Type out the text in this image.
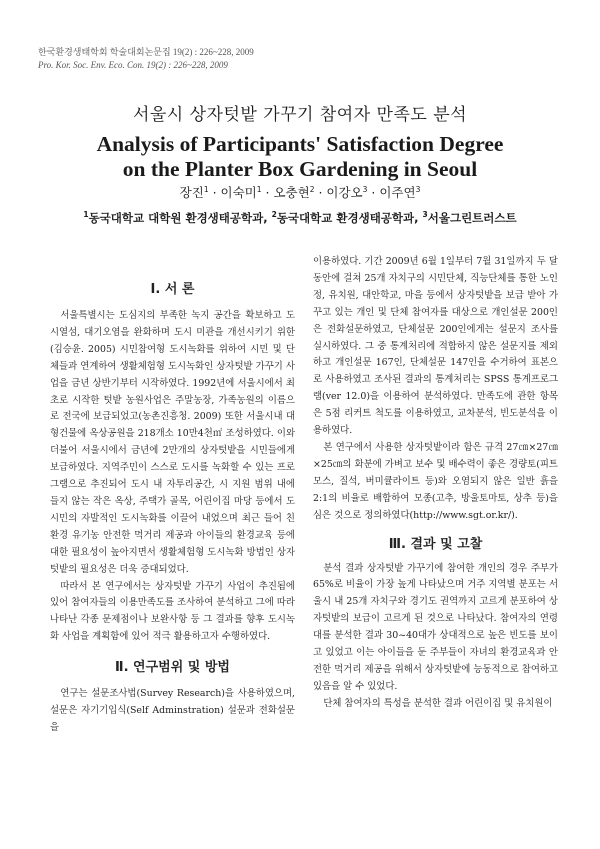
한국환경생태학회 학술대회논문집 19(2) : 226~228, 2009
Pro. Kor. Soc. Env. Eco. Con. 19(2) : 226~228, 2009
서울시 상자텃밭 가꾸기 참여자 만족도 분석
Analysis of Participants' Satisfaction Degree
on the Planter Box Gardening in Seoul
장진$^1$ · 이숙미$^1$ · 오충현$^2$ · 이강오$^3$ · 이주연$^3$
$^1$동국대학교 대학원 환경생태공학과, $^2$동국대학교 환경생태공학과, $^3$서울그린트러스트
Ⅰ. 서 론

서울특별시는 도심지의 부족한 녹지 공간을 확보하고 도시열섬, 대기오염을 완화하며 도시 미관을 개선시키기 위한(김승윤. 2005) 시민참여형 도시녹화를 위하여 시민 및 단체들과 연계하여 생활체험형 도시녹화인 상자텃밭 가꾸기 사업을 금년 상반기부터 시작하였다. 1992년에 서울시에서 최초로 시작한 텃밭 농원사업은 주말농장, 가족농원의 이름으로 전국에 보급되었고(농촌진흥청. 2009) 또한 서울시내 대형건물에 옥상공원을 218개소 10만4천㎡ 조성하였다. 이와 더불어 서울시에서 금년에 2만개의 상자텃밭을 시민들에게 보급하였다. 지역주민이 스스로 도시를 녹화할 수 있는 프로그램으로 추진되어 도시 내 자투리공간, 시 지원 범위 내에 들지 않는 작은 옥상, 주택가 골목, 어린이집 마당 등에서 도시민의 자발적인 도시녹화를 이끌어 내었으며 최근 들어 친환경 유기농 안전한 먹거리 제공과 아이들의 환경교육 등에 대한 필요성이 높아지면서 생활체험형 도시녹화 방법인 상자텃밭의 필요성은 더욱 증대되었다.

따라서 본 연구에서는 상자텃밭 가꾸기 사업이 추진됨에 있어 참여자들의 이용만족도를 조사하여 분석하고 그에 따라 나타난 각종 문제점이나 보완사항 등 그 결과를 향후 도시녹화 사업을 계획함에 있어 적극 활용하고자 수행하였다.

Ⅱ. 연구범위 및 방법

연구는 설문조사법(Survey Research)을 사용하였으며, 설문은 자기기입식(Self Adminstration) 설문과 전화설문을

이용하였다. 기간 2009년 6월 1일부터 7월 31일까지 두 달 동안에 걸쳐 25개 자치구의 시민단체, 직능단체를 통한 노인정, 유치원, 대안학교, 마을 등에서 상자텃밭을 보급 받아 가꾸고 있는 개인 및 단체 참여자를 대상으로 개인설문 200인은 전화설문하였고, 단체설문 200인에게는 설문지 조사를 실시하였다. 그 중 통계처리에 적합하지 않은 설문지를 제외하고 개인설문 167인, 단체설문 147인을 수거하여 표본으로 사용하였고 조사된 결과의 통계처리는 SPSS 통계프로그램(ver 12.0)을 이용하여 분석하였다. 만족도에 관한 항목은 5점 리커트 척도를 이용하였고, 교차분석, 빈도분석을 이용하였다.

본 연구에서 사용한 상자텃밭이라 함은 규격 27㎝×27㎝×25㎝의 화분에 가벼고 보수 및 배수력이 좋은 경량토(피트모스, 질석, 버미큘라이트 등)와 오염되지 않은 일반 흙을 2:1의 비율로 배합하여 모종(고추, 방울토마토, 상추 등)을 심은 것으로 정의하였다(http://www.sgt.or.kr/).

Ⅲ. 결과 및 고찰

분석 결과 상자텃밭 가꾸기에 참여한 개인의 경우 주부가 65%로 비율이 가장 높게 나타났으며 거주 지역별 분포는 서울시 내 25개 자치구와 경기도 권역까지 고르게 분포하여 상자텃밭의 보급이 고르게 된 것으로 나타났다. 참여자의 연령대를 분석한 결과 30~40대가 상대적으로 높은 빈도를 보이고 있었고 이는 아이들을 둔 주부들이 자녀의 환경교육과 안전한 먹거리 제공을 위해서 상자텃밭에 능동적으로 참여하고 있음을 알 수 있었다.

단체 참여자의 특성을 분석한 결과 어린이집 및 유치원이
